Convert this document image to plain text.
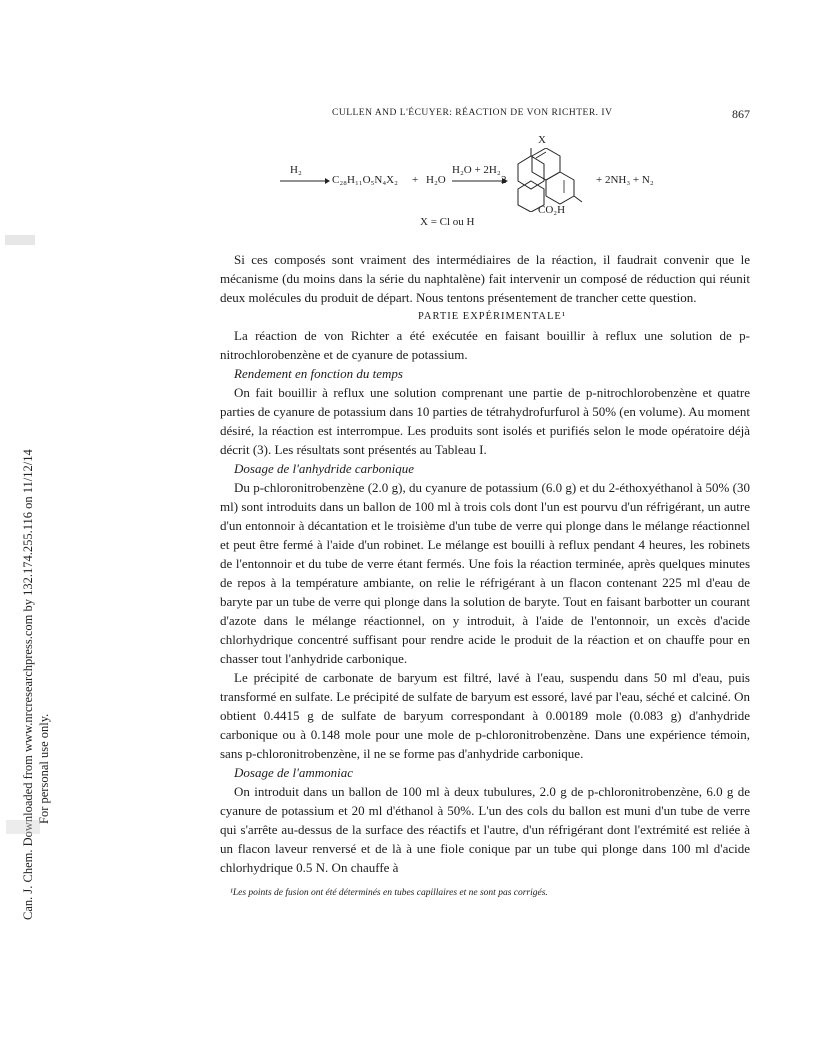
Can. J. Chem. Downloaded from www.nrcresearchpress.com by 132.174.255.116 on 11/12/14 For personal use only.
CULLEN AND L'ÉCUYER: RÉACTION DE VON RICHTER. IV	867
H₂
→ C₂₈H₁₁O₅N₄X₂ + H₂O
H₂O + 2H₂
2
X
CO₂H
+ 2NH₃ + N₂
X = Cl ou H

Si ces composés sont vraiment des intermédiaires de la réaction, il faudrait convenir que le mécanisme (du moins dans la série du naphtalène) fait intervenir un composé de réduction qui réunit deux molécules du produit de départ. Nous tentons présentement de trancher cette question.

PARTIE EXPÉRIMENTALE¹

La réaction de von Richter a été exécutée en faisant bouillir à reflux une solution de p-nitrochlorobenzène et de cyanure de potassium.

Rendement en fonction du temps

On fait bouillir à reflux une solution comprenant une partie de p-nitrochlorobenzène et quatre parties de cyanure de potassium dans 10 parties de tétrahydrofurfurol à 50% (en volume). Au moment désiré, la réaction est interrompue. Les produits sont isolés et purifiés selon le mode opératoire déjà décrit (3). Les résultats sont présentés au Tableau I.

Dosage de l'anhydride carbonique

Du p-chloronitrobenzène (2.0 g), du cyanure de potassium (6.0 g) et du 2-éthoxyéthanol à 50% (30 ml) sont introduits dans un ballon de 100 ml à trois cols dont l'un est pourvu d'un réfrigérant, un autre d'un entonnoir à décantation et le troisième d'un tube de verre qui plonge dans le mélange réactionnel et peut être fermé à l'aide d'un robinet. Le mélange est bouilli à reflux pendant 4 heures, les robinets de l'entonnoir et du tube de verre étant fermés. Une fois la réaction terminée, après quelques minutes de repos à la température ambiante, on relie le réfrigérant à un flacon contenant 225 ml d'eau de baryte par un tube de verre qui plonge dans la solution de baryte. Tout en faisant barbotter un courant d'azote dans le mélange réactionnel, on y introduit, à l'aide de l'entonnoir, un excès d'acide chlorhydrique concentré suffisant pour rendre acide le produit de la réaction et on chauffe pour en chasser tout l'anhydride carbonique.

Le précipité de carbonate de baryum est filtré, lavé à l'eau, suspendu dans 50 ml d'eau, puis transformé en sulfate. Le précipité de sulfate de baryum est essoré, lavé par l'eau, séché et calciné. On obtient 0.4415 g de sulfate de baryum correspondant à 0.00189 mole (0.083 g) d'anhydride carbonique ou à 0.148 mole pour une mole de p-chloronitrobenzène. Dans une expérience témoin, sans p-chloronitrobenzène, il ne se forme pas d'anhydride carbonique.

Dosage de l'ammoniac

On introduit dans un ballon de 100 ml à deux tubulures, 2.0 g de p-chloronitrobenzène, 6.0 g de cyanure de potassium et 20 ml d'éthanol à 50%. L'un des cols du ballon est muni d'un tube de verre qui s'arrête au-dessus de la surface des réactifs et l'autre, d'un réfrigérant dont l'extrémité est reliée à un flacon laveur renversé et de là à une fiole conique par un tube qui plonge dans 100 ml d'acide chlorhydrique 0.5 N. On chauffe à

¹Les points de fusion ont été déterminés en tubes capillaires et ne sont pas corrigés.
